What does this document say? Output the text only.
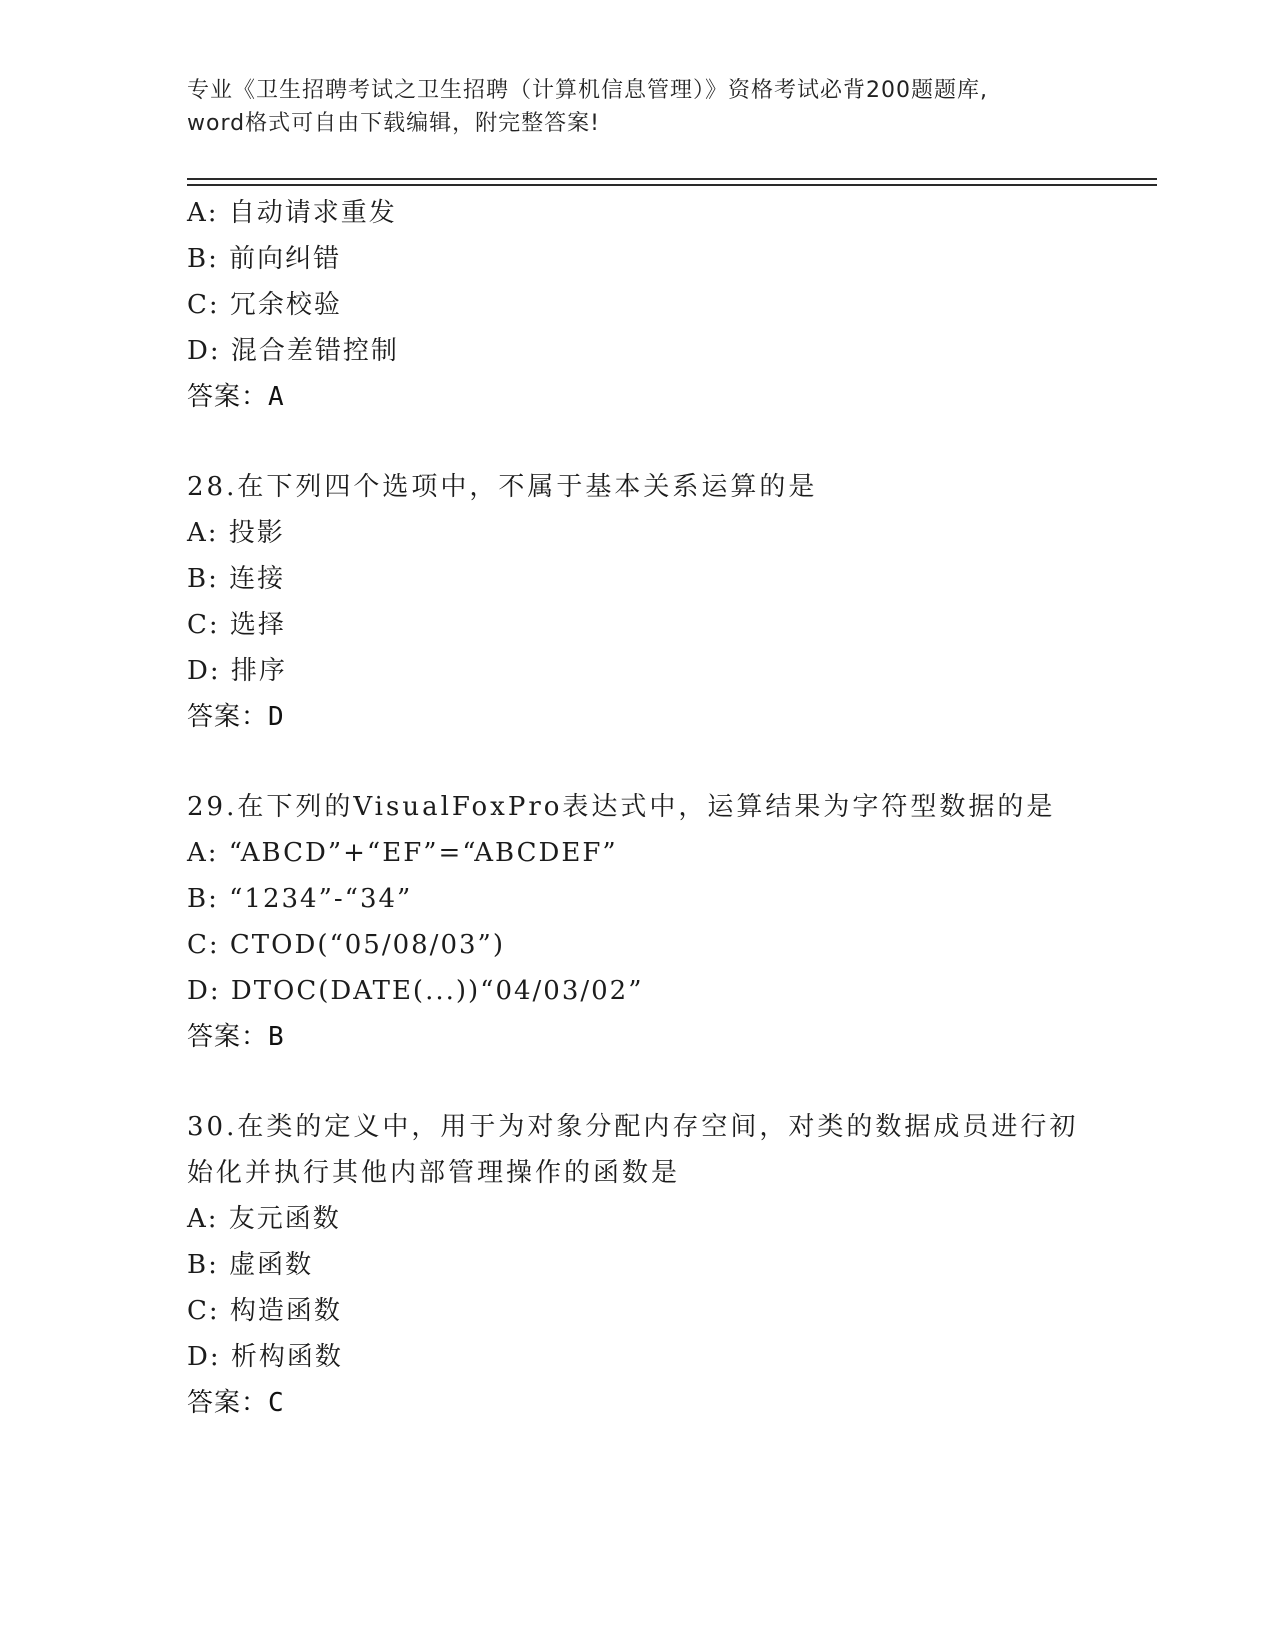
专业《卫生招聘考试之卫生招聘（计算机信息管理）》资格考试必背200题题库,
word格式可自由下载编辑，附完整答案!
A: 自动请求重发
B: 前向纠错
C: 冗余校验
D: 混合差错控制
答案：A
28.在下列四个选项中，不属于基本关系运算的是
A: 投影
B: 连接
C: 选择
D: 排序
答案：D
29.在下列的VisualFoxPro表达式中，运算结果为字符型数据的是
A: “ABCD”+“EF”=“ABCDEF”
B: “1234”-“34”
C: CTOD(“05/08/03”)
D: DTOC(DATE(...))“04/03/02”
答案：B
30.在类的定义中，用于为对象分配内存空间，对类的数据成员进行初始化并执行其他内部管理操作的函数是
A: 友元函数
B: 虚函数
C: 构造函数
D: 析构函数
答案：C
